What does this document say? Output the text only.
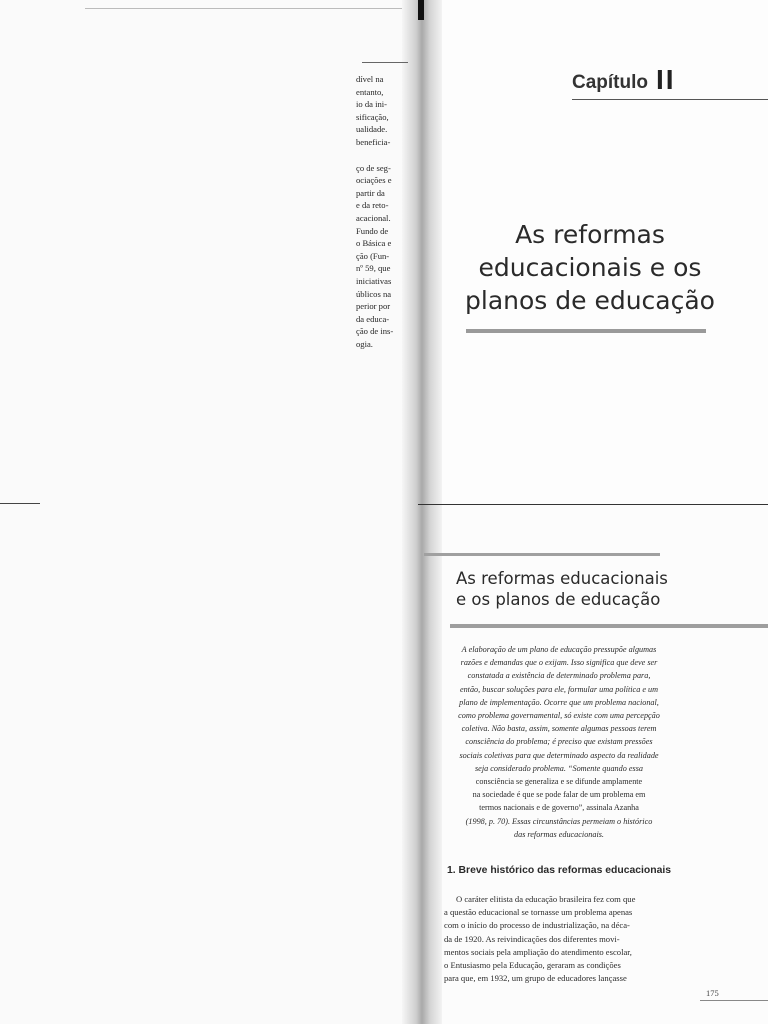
dível na
entanto,
io da ini-
sificação,
ualidade.
beneficia-
ço de seg-
ociações e
partir da
e da reto-
acacional.
Fundo de
o Básica e
ção (Fun-
nº 59, que
iniciativas
úblicos na
perior por
da educa-
ção de ins-
ogia.
Capítulo II
As reformas
educacionais e os
planos de educação
As reformas educacionais
e os planos de educação
A elaboração de um plano de educação pressupõe algumas
razões e demandas que o exijam. Isso significa que deve ser
constatada a existência de determinado problema para,
então, buscar soluções para ele, formular uma política e um
plano de implementação. Ocorre que um problema nacional,
como problema governamental, só existe com uma percepção
coletiva. Não basta, assim, somente algumas pessoas terem
consciência do problema; é preciso que existam pressões
sociais coletivas para que determinado aspecto da realidade
seja considerado problema. “Somente quando essa
consciência se generaliza e se difunde amplamente
na sociedade é que se pode falar de um problema em
termos nacionais e de governo”, assinala Azanha
(1998, p. 70). Essas circunstâncias permeiam o histórico
das reformas educacionais.
1. Breve histórico das reformas educacionais
O caráter elitista da educação brasileira fez com que
a questão educacional se tornasse um problema apenas
com o início do processo de industrialização, na déca-
da de 1920. As reivindicações dos diferentes movi-
mentos sociais pela ampliação do atendimento escolar,
o Entusiasmo pela Educação, geraram as condições
para que, em 1932, um grupo de educadores lançasse
175
